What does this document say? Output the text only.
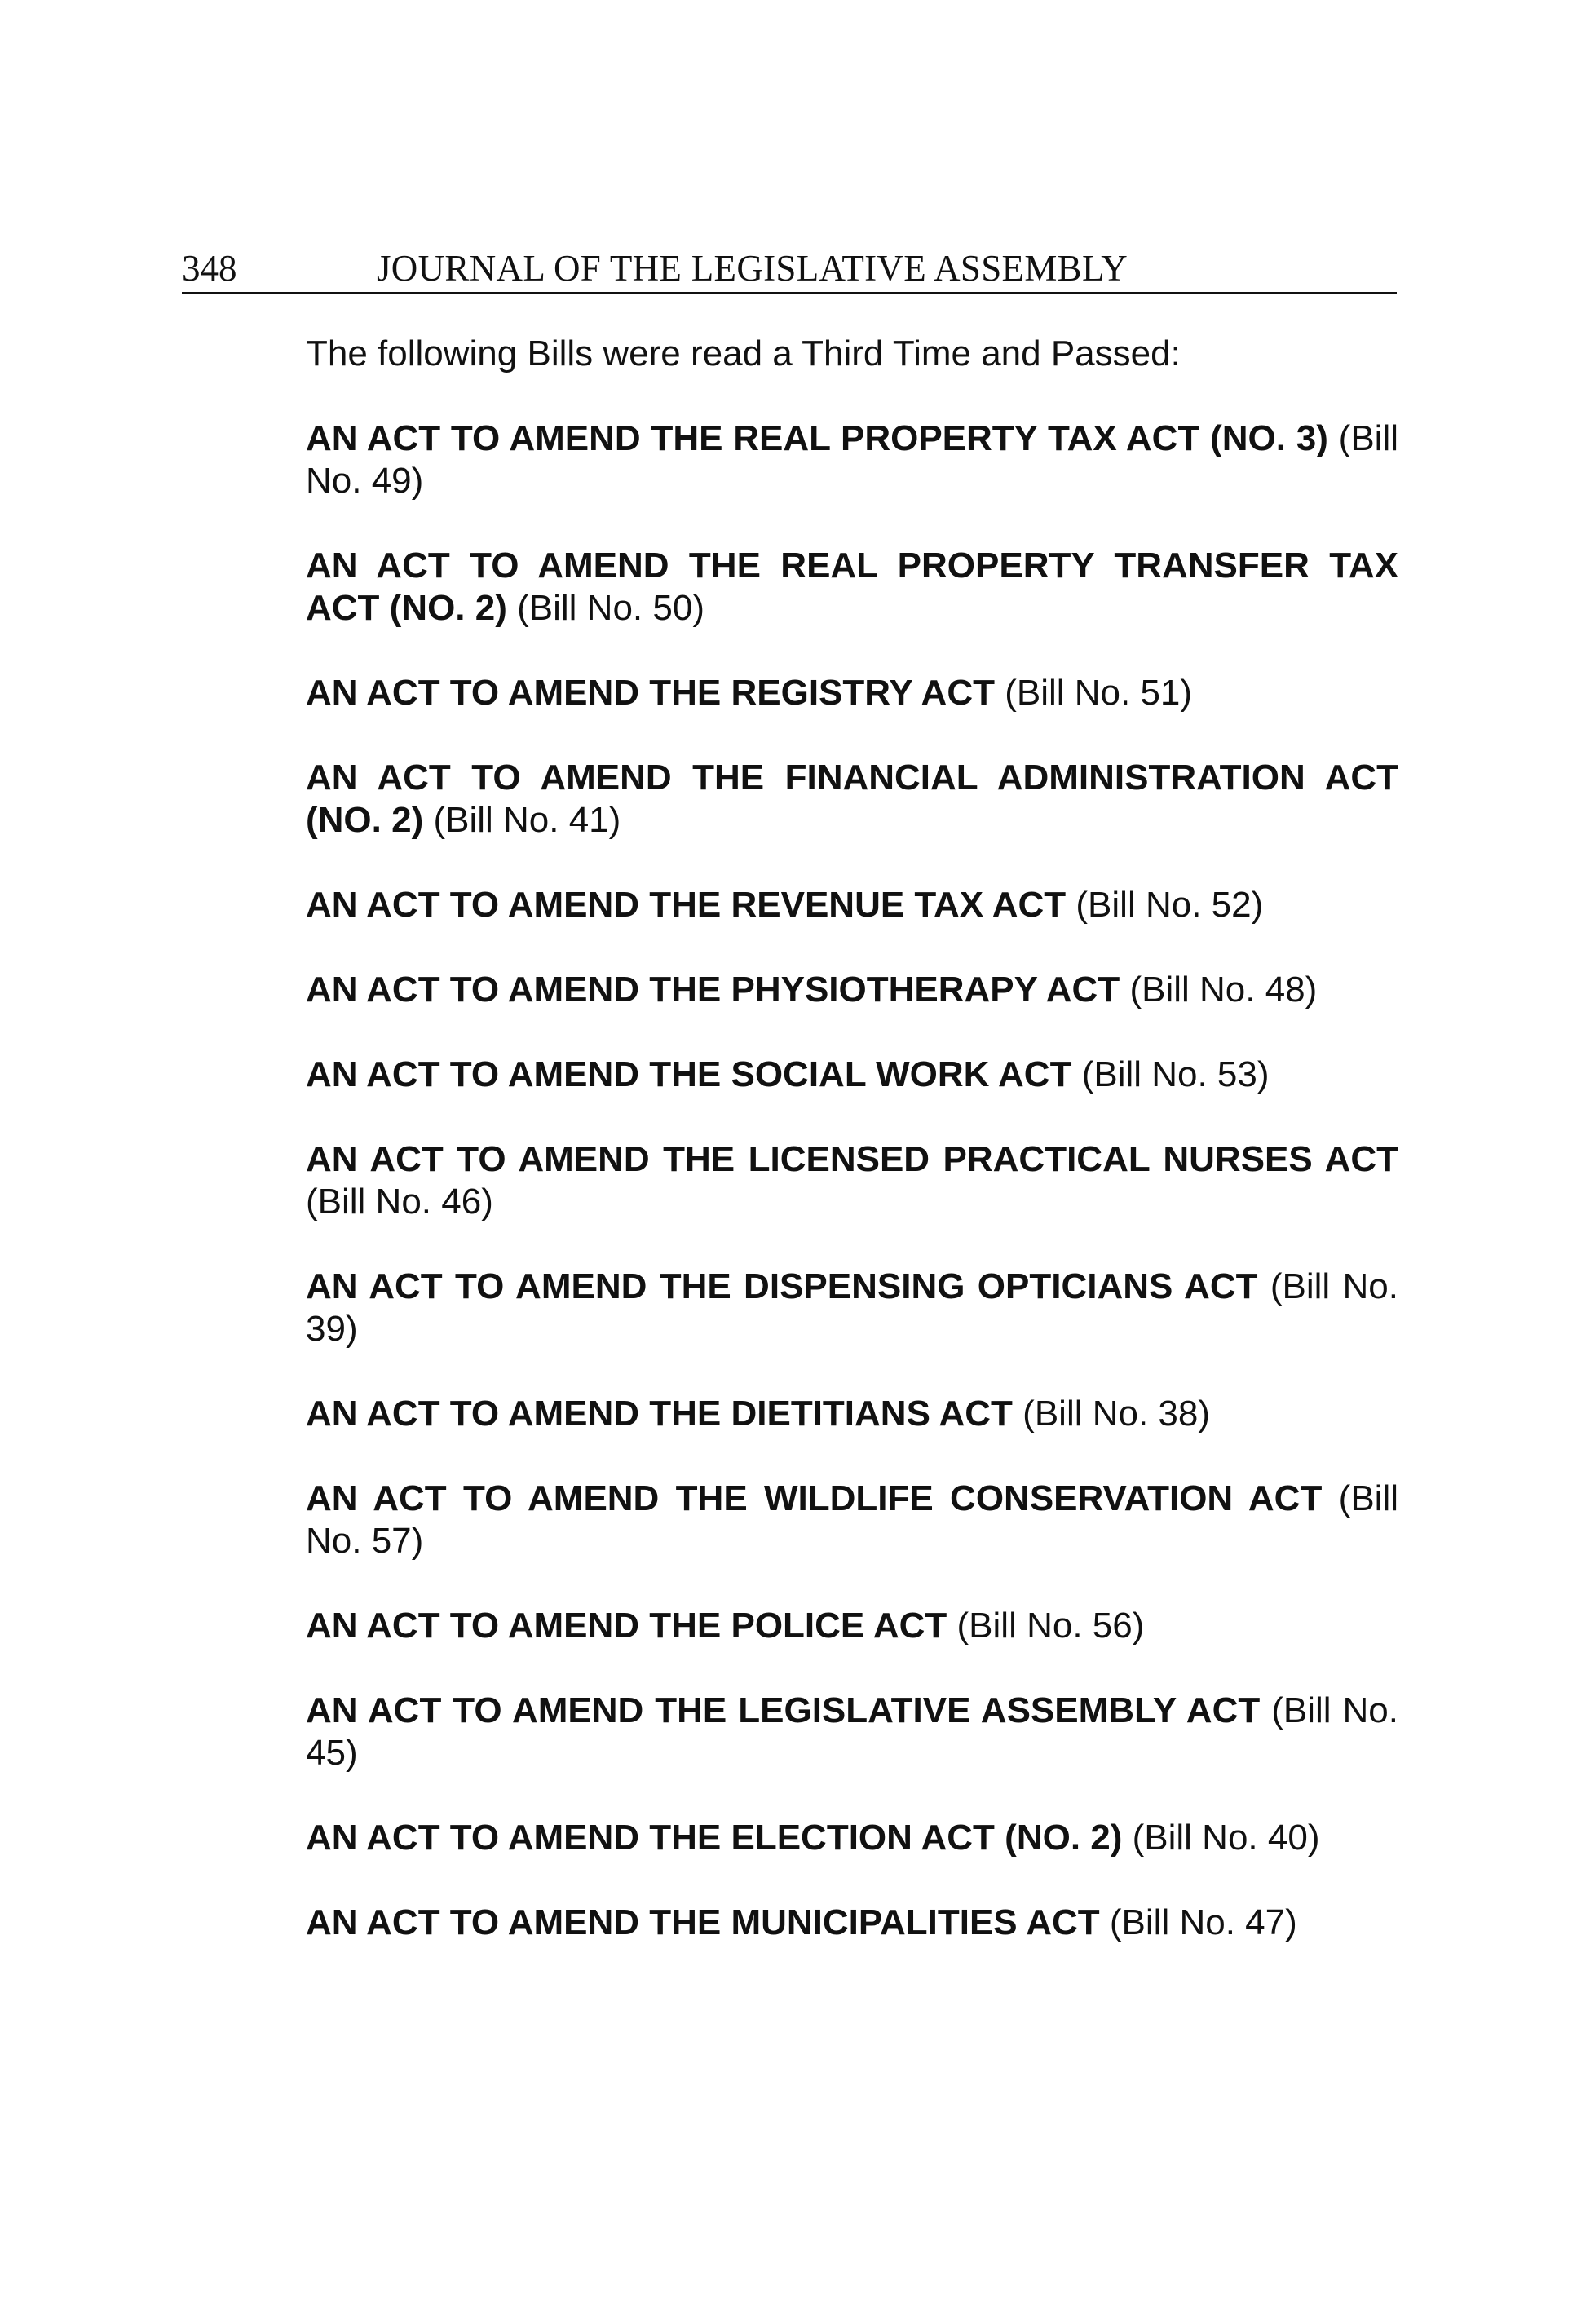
348	JOURNAL OF THE LEGISLATIVE ASSEMBLY

The following Bills were read a Third Time and Passed:

AN ACT TO AMEND THE REAL PROPERTY TAX ACT (NO. 3) (Bill No. 49)

AN ACT TO AMEND THE REAL PROPERTY TRANSFER TAX ACT (NO. 2) (Bill No. 50)

AN ACT TO AMEND THE REGISTRY ACT (Bill No. 51)

AN ACT TO AMEND THE FINANCIAL ADMINISTRATION ACT (NO. 2) (Bill No. 41)

AN ACT TO AMEND THE REVENUE TAX ACT (Bill No. 52)

AN ACT TO AMEND THE PHYSIOTHERAPY ACT (Bill No. 48)

AN ACT TO AMEND THE SOCIAL WORK ACT (Bill No. 53)

AN ACT TO AMEND THE LICENSED PRACTICAL NURSES ACT (Bill No. 46)

AN ACT TO AMEND THE DISPENSING OPTICIANS ACT (Bill No. 39)

AN ACT TO AMEND THE DIETITIANS ACT (Bill No. 38)

AN ACT TO AMEND THE WILDLIFE CONSERVATION ACT (Bill No. 57)

AN ACT TO AMEND THE POLICE ACT (Bill No. 56)

AN ACT TO AMEND THE LEGISLATIVE ASSEMBLY ACT (Bill No. 45)

AN ACT TO AMEND THE ELECTION ACT (NO. 2) (Bill No. 40)

AN ACT TO AMEND THE MUNICIPALITIES ACT (Bill No. 47)
